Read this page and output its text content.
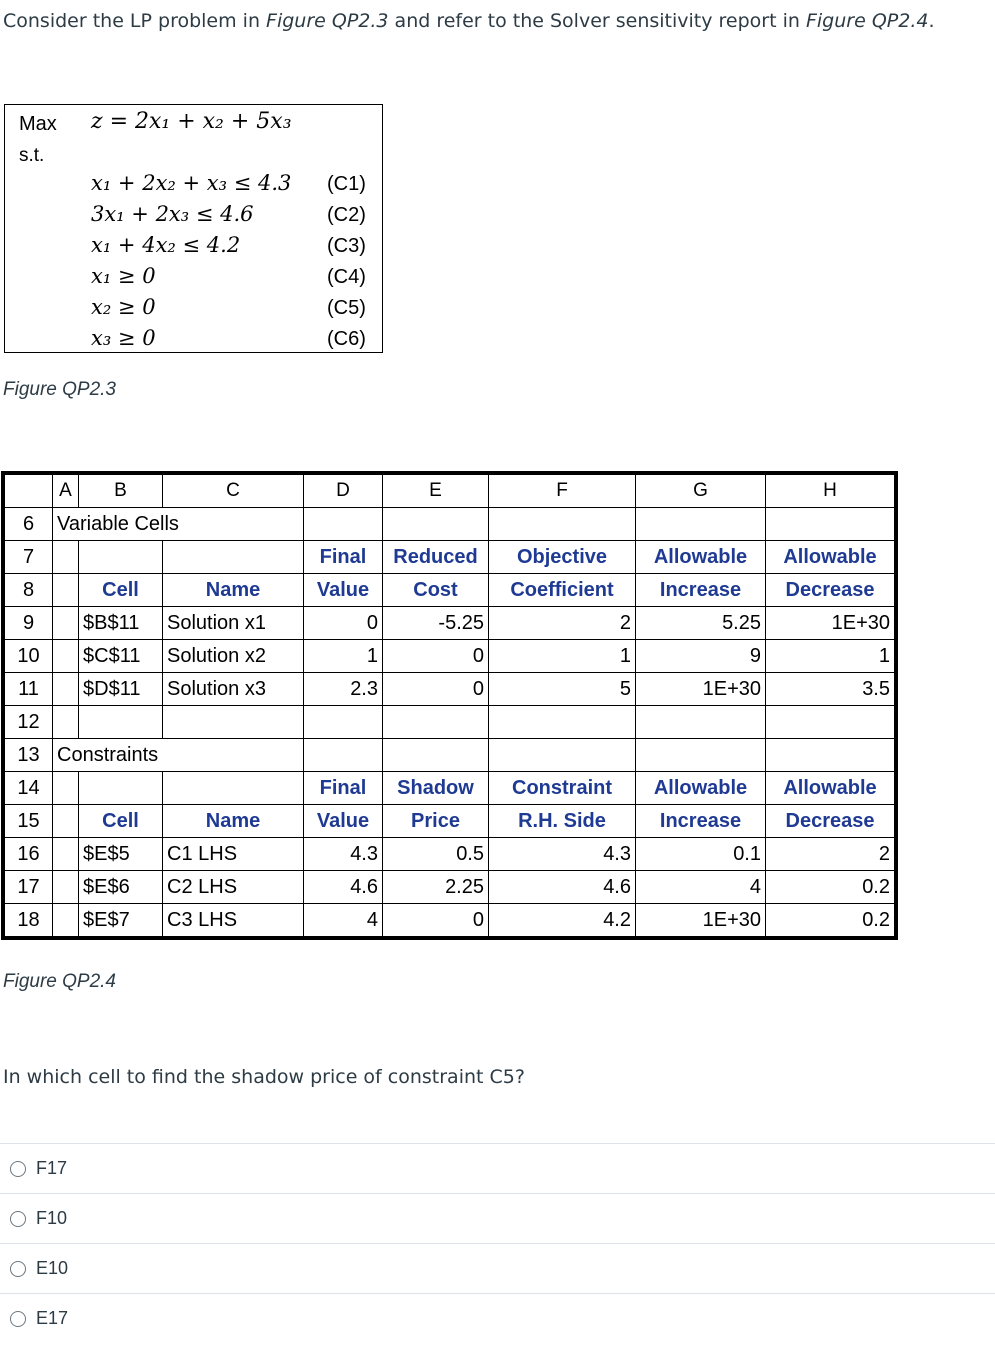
Consider the LP problem in Figure QP2.3 and refer to the Solver sensitivity report in Figure QP2.4.
Max z = 2x₁ + x₂ + 5x₃
s.t.
x₁ + 2x₂ + x₃ ≤ 4.3 (C1)
3x₁ + 2x₃ ≤ 4.6	(C2)
x₁ + 4x₂ ≤ 4.2	(C3)
x₁ ≥ 0	(C4)
x₂ ≥ 0	(C5)
x₃ ≥ 0	(C6)
Figure QP2.3
	A	B	C	D	E	F	G	H
6	Variable Cells							
7				Final	Reduced	Objective	Allowable	Allowable
8		Cell	Name	Value	Cost	Coefficient	Increase	Decrease
9		$B$11	Solution x1	0	-5.25	2	5.25	1E+30
10		$C$11	Solution x2	1	0	1	9	1
11		$D$11	Solution x3	2.3	0	5	1E+30	3.5
12								
13	Constraints							
14				Final	Shadow	Constraint	Allowable	Allowable
15		Cell	Name	Value	Price	R.H. Side	Increase	Decrease
16		$E$5	C1 LHS	4.3	0.5	4.3	0.1	2
17		$E$6	C2 LHS	4.6	2.25	4.6	4	0.2
18		$E$7	C3 LHS	4	0	4.2	1E+30	0.2
Figure QP2.4
In which cell to find the shadow price of constraint C5?
F17
F10
E10
E17
